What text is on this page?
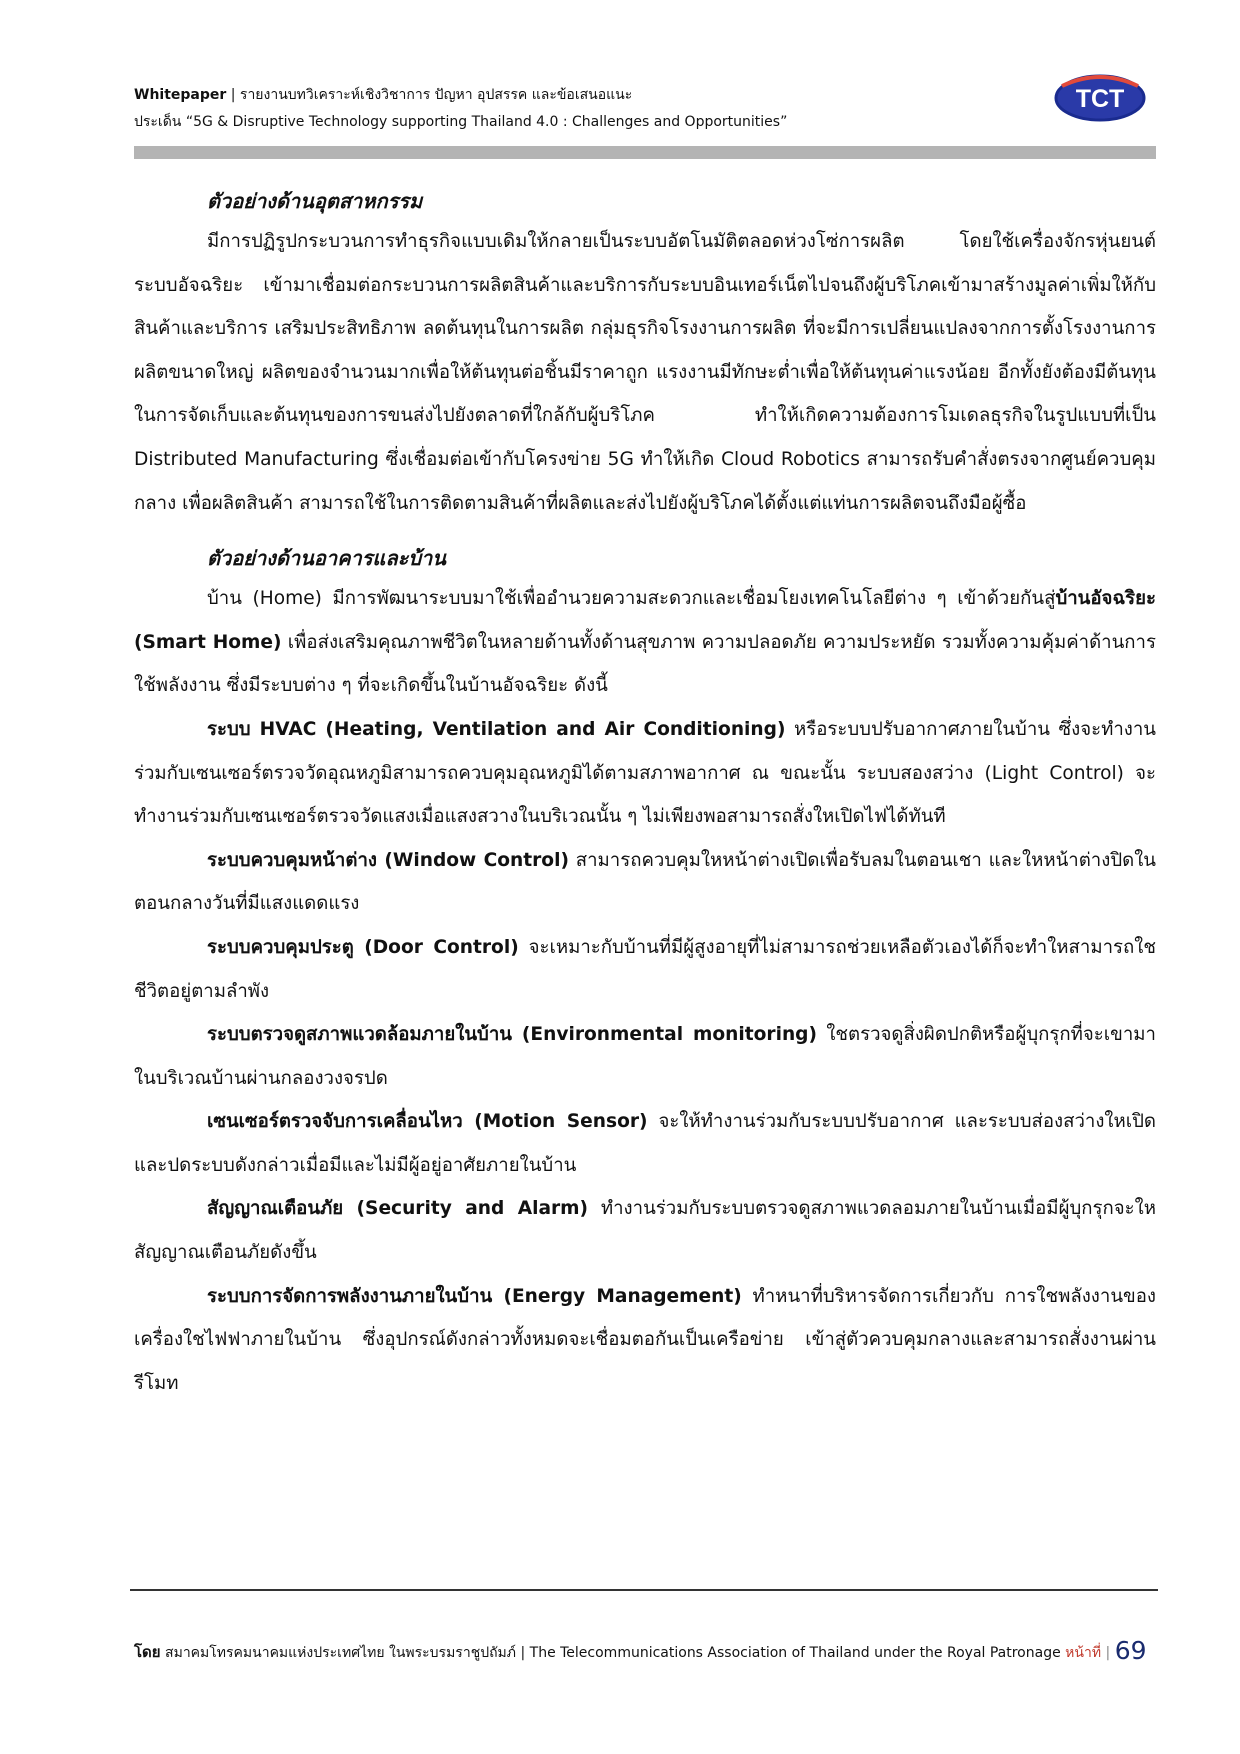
Whitepaper | รายงานบทวิเคราะห์เชิงวิชาการ ปัญหา อุปสรรค และข้อเสนอแนะ
ประเด็น “5G & Disruptive Technology supporting Thailand 4.0 : Challenges and Opportunities”
TCT
ตัวอย่างด้านอุตสาหกรรม

มีการปฏิรูปกระบวนการทำธุรกิจแบบเดิมให้กลายเป็นระบบอัตโนมัติตลอดห่วงโซ่การผลิต โดยใช้เครื่องจักรหุ่นยนต์ ระบบอัจฉริยะ เข้ามาเชื่อมต่อกระบวนการผลิตสินค้าและบริการกับระบบอินเทอร์เน็ตไปจนถึงผู้บริโภคเข้ามาสร้างมูลค่าเพิ่มให้กับสินค้าและบริการ เสริมประสิทธิภาพ ลดต้นทุนในการผลิต กลุ่มธุรกิจโรงงานการผลิต ที่จะมีการเปลี่ยนแปลงจากการตั้งโรงงานการผลิตขนาดใหญ่ ผลิตของจำนวนมากเพื่อให้ต้นทุนต่อชิ้นมีราคาถูก แรงงานมีทักษะต่ำเพื่อให้ต้นทุนค่าแรงน้อย อีกทั้งยังต้องมีต้นทุนในการจัดเก็บและต้นทุนของการขนส่งไปยังตลาดที่ใกล้กับผู้บริโภค ทำให้เกิดความต้องการโมเดลธุรกิจในรูปแบบที่เป็น Distributed Manufacturing ซึ่งเชื่อมต่อเข้ากับโครงข่าย 5G ทำให้เกิด Cloud Robotics สามารถรับคำสั่งตรงจากศูนย์ควบคุมกลาง เพื่อผลิตสินค้า สามารถใช้ในการติดตามสินค้าที่ผลิตและส่งไปยังผู้บริโภคได้ตั้งแต่แท่นการผลิตจนถึงมือผู้ซื้อ

ตัวอย่างด้านอาคารและบ้าน

บ้าน (Home) มีการพัฒนาระบบมาใช้เพื่ออำนวยความสะดวกและเชื่อมโยงเทคโนโลยีต่าง ๆ เข้าด้วยกันสู่บ้านอัจฉริยะ (Smart Home) เพื่อส่งเสริมคุณภาพชีวิตในหลายด้านทั้งด้านสุขภาพ ความปลอดภัย ความประหยัด รวมทั้งความคุ้มค่าด้านการใช้พลังงาน ซึ่งมีระบบต่าง ๆ ที่จะเกิดขึ้นในบ้านอัจฉริยะ ดังนี้

ระบบ HVAC (Heating, Ventilation and Air Conditioning) หรือระบบปรับอากาศภายในบ้าน ซึ่งจะทำงานร่วมกับเซนเซอร์ตรวจวัดอุณหภูมิสามารถควบคุมอุณหภูมิได้ตามสภาพอากาศ ณ ขณะนั้น ระบบสองสว่าง (Light Control) จะทำงานร่วมกับเซนเซอร์ตรวจวัดแสงเมื่อแสงสวางในบริเวณนั้น ๆ ไม่เพียงพอสามารถสั่งใหเปิดไฟได้ทันที

ระบบควบคุมหน้าต่าง (Window Control) สามารถควบคุมใหหน้าต่างเปิดเพื่อรับลมในตอนเชา และใหหน้าต่างปิดในตอนกลางวันที่มีแสงแดดแรง

ระบบควบคุมประตู (Door Control) จะเหมาะกับบ้านที่มีผู้สูงอายุที่ไม่สามารถช่วยเหลือตัวเองได้ก็จะทำใหสามารถใชชีวิตอยู่ตามลำพัง

ระบบตรวจดูสภาพแวดล้อมภายในบ้าน (Environmental monitoring) ใชตรวจดูสิ่งผิดปกติหรือผู้บุกรุกที่จะเขามาในบริเวณบ้านผ่านกลองวงจรปด

เซนเซอร์ตรวจจับการเคลื่อนไหว (Motion Sensor) จะให้ทำงานร่วมกับระบบปรับอากาศ และระบบส่องสว่างใหเปิดและปดระบบดังกล่าวเมื่อมีและไม่มีผู้อยู่อาศัยภายในบ้าน

สัญญาณเตือนภัย (Security and Alarm) ทำงานร่วมกับระบบตรวจดูสภาพแวดลอมภายในบ้านเมื่อมีผู้บุกรุกจะใหสัญญาณเตือนภัยดังขึ้น

ระบบการจัดการพลังงานภายในบ้าน (Energy Management) ทำหนาที่บริหารจัดการเกี่ยวกับ การใชพลังงานของเครื่องใชไฟฟาภายในบ้าน ซึ่งอุปกรณ์ดังกล่าวทั้งหมดจะเชื่อมตอกันเป็นเครือข่าย เข้าสู่ตัวควบคุมกลางและสามารถสั่งงานผ่านรีโมท

โดย สมาคมโทรคมนาคมแห่งประเทศไทย ในพระบรมราชูปถัมภ์ | The Telecommunications Association of Thailand under the Royal Patronage หน้าที่ | 69
